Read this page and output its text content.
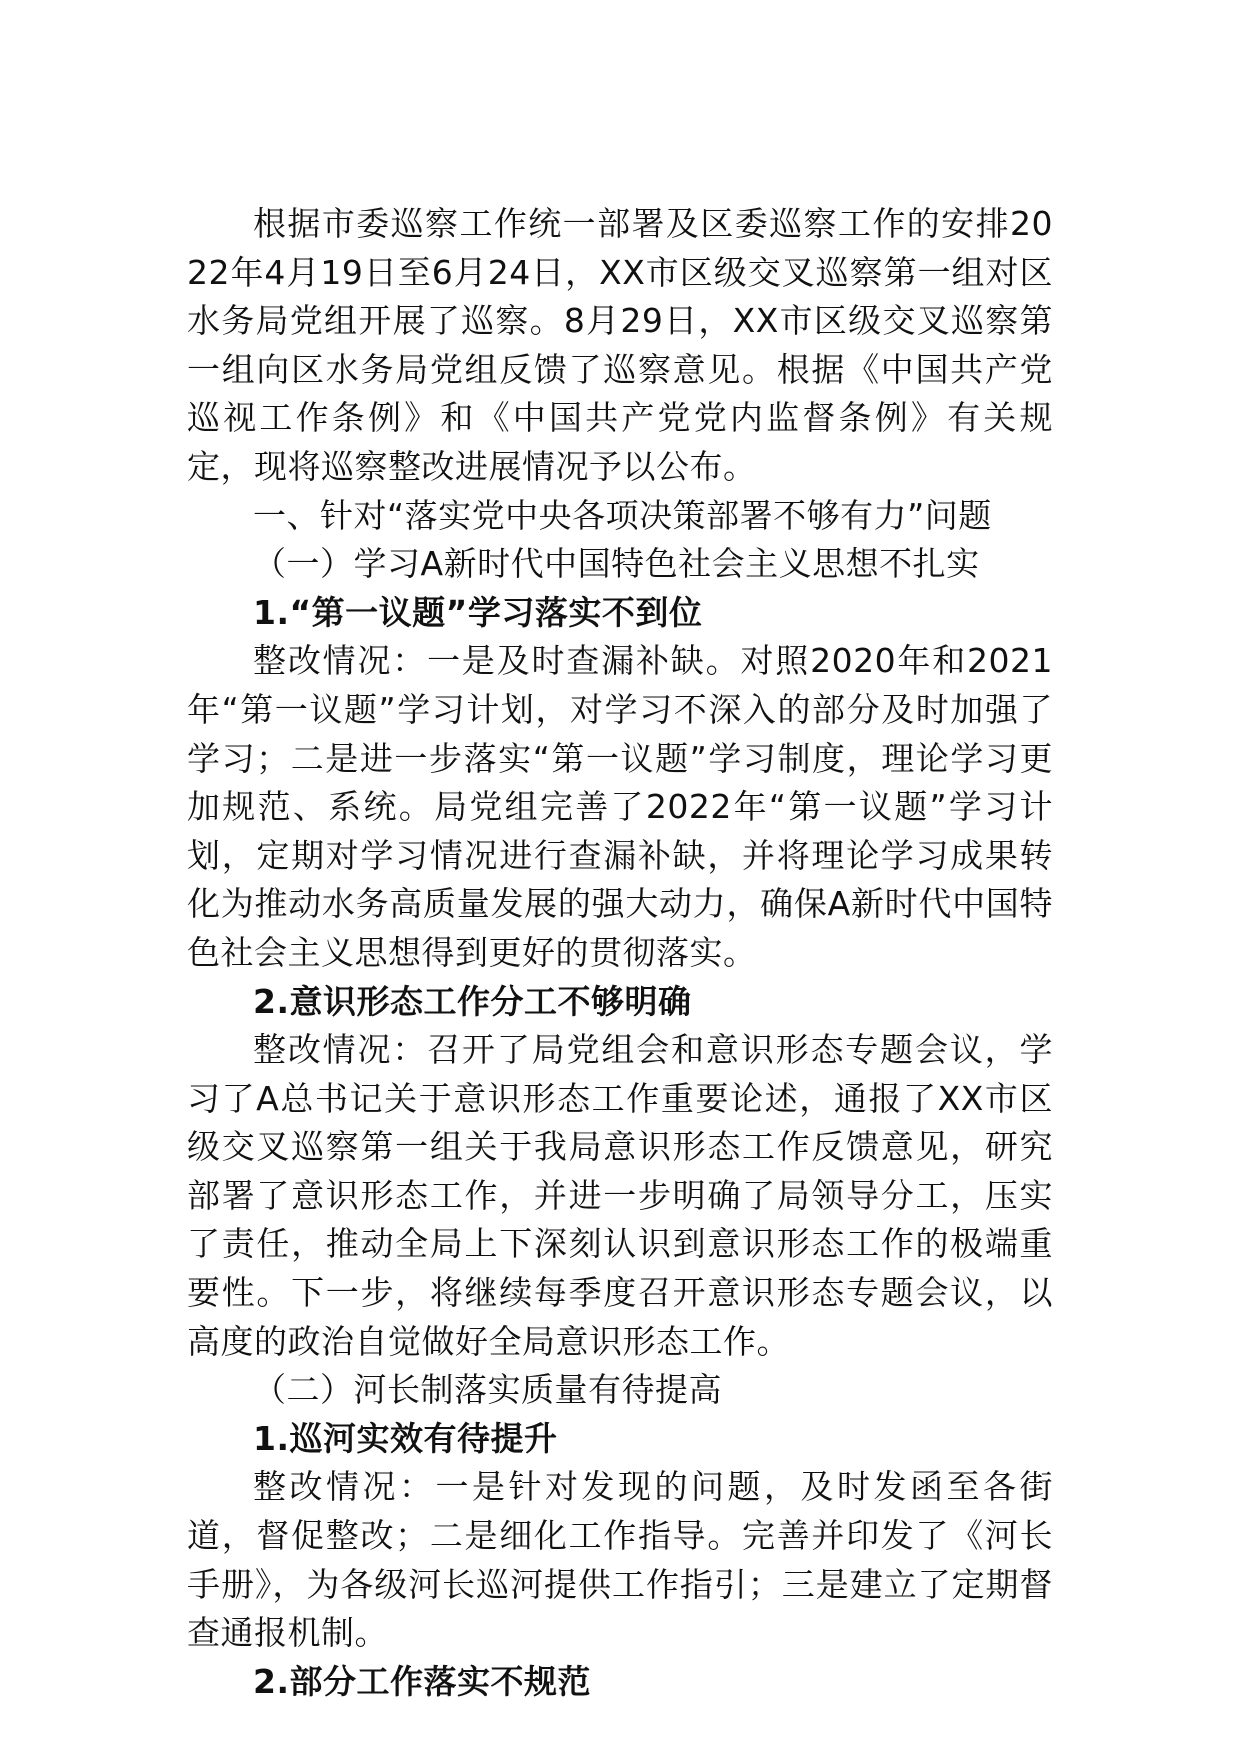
根据市委巡察工作统一部署及区委巡察工作的安排2022年4月19日至6月24日，XX市区级交叉巡察第一组对区水务局党组开展了巡察。8月29日，XX市区级交叉巡察第一组向区水务局党组反馈了巡察意见。根据《中国共产党巡视工作条例》和《中国共产党党内监督条例》有关规定，现将巡察整改进展情况予以公布。

一、针对“落实党中央各项决策部署不够有力”问题

（一）学习A新时代中国特色社会主义思想不扎实

1.“第一议题”学习落实不到位

整改情况：一是及时查漏补缺。对照2020年和2021年“第一议题”学习计划，对学习不深入的部分及时加强了学习；二是进一步落实“第一议题”学习制度，理论学习更加规范、系统。局党组完善了2022年“第一议题”学习计划，定期对学习情况进行查漏补缺，并将理论学习成果转化为推动水务高质量发展的强大动力，确保A新时代中国特色社会主义思想得到更好的贯彻落实。

2.意识形态工作分工不够明确

整改情况：召开了局党组会和意识形态专题会议，学习了A总书记关于意识形态工作重要论述，通报了XX市区级交叉巡察第一组关于我局意识形态工作反馈意见，研究部署了意识形态工作，并进一步明确了局领导分工，压实了责任，推动全局上下深刻认识到意识形态工作的极端重要性。下一步，将继续每季度召开意识形态专题会议，以高度的政治自觉做好全局意识形态工作。

（二）河长制落实质量有待提高

1.巡河实效有待提升

整改情况：一是针对发现的问题，及时发函至各街道，督促整改；二是细化工作指导。完善并印发了《河长手册》，为各级河长巡河提供工作指引；三是建立了定期督查通报机制。

2.部分工作落实不规范
